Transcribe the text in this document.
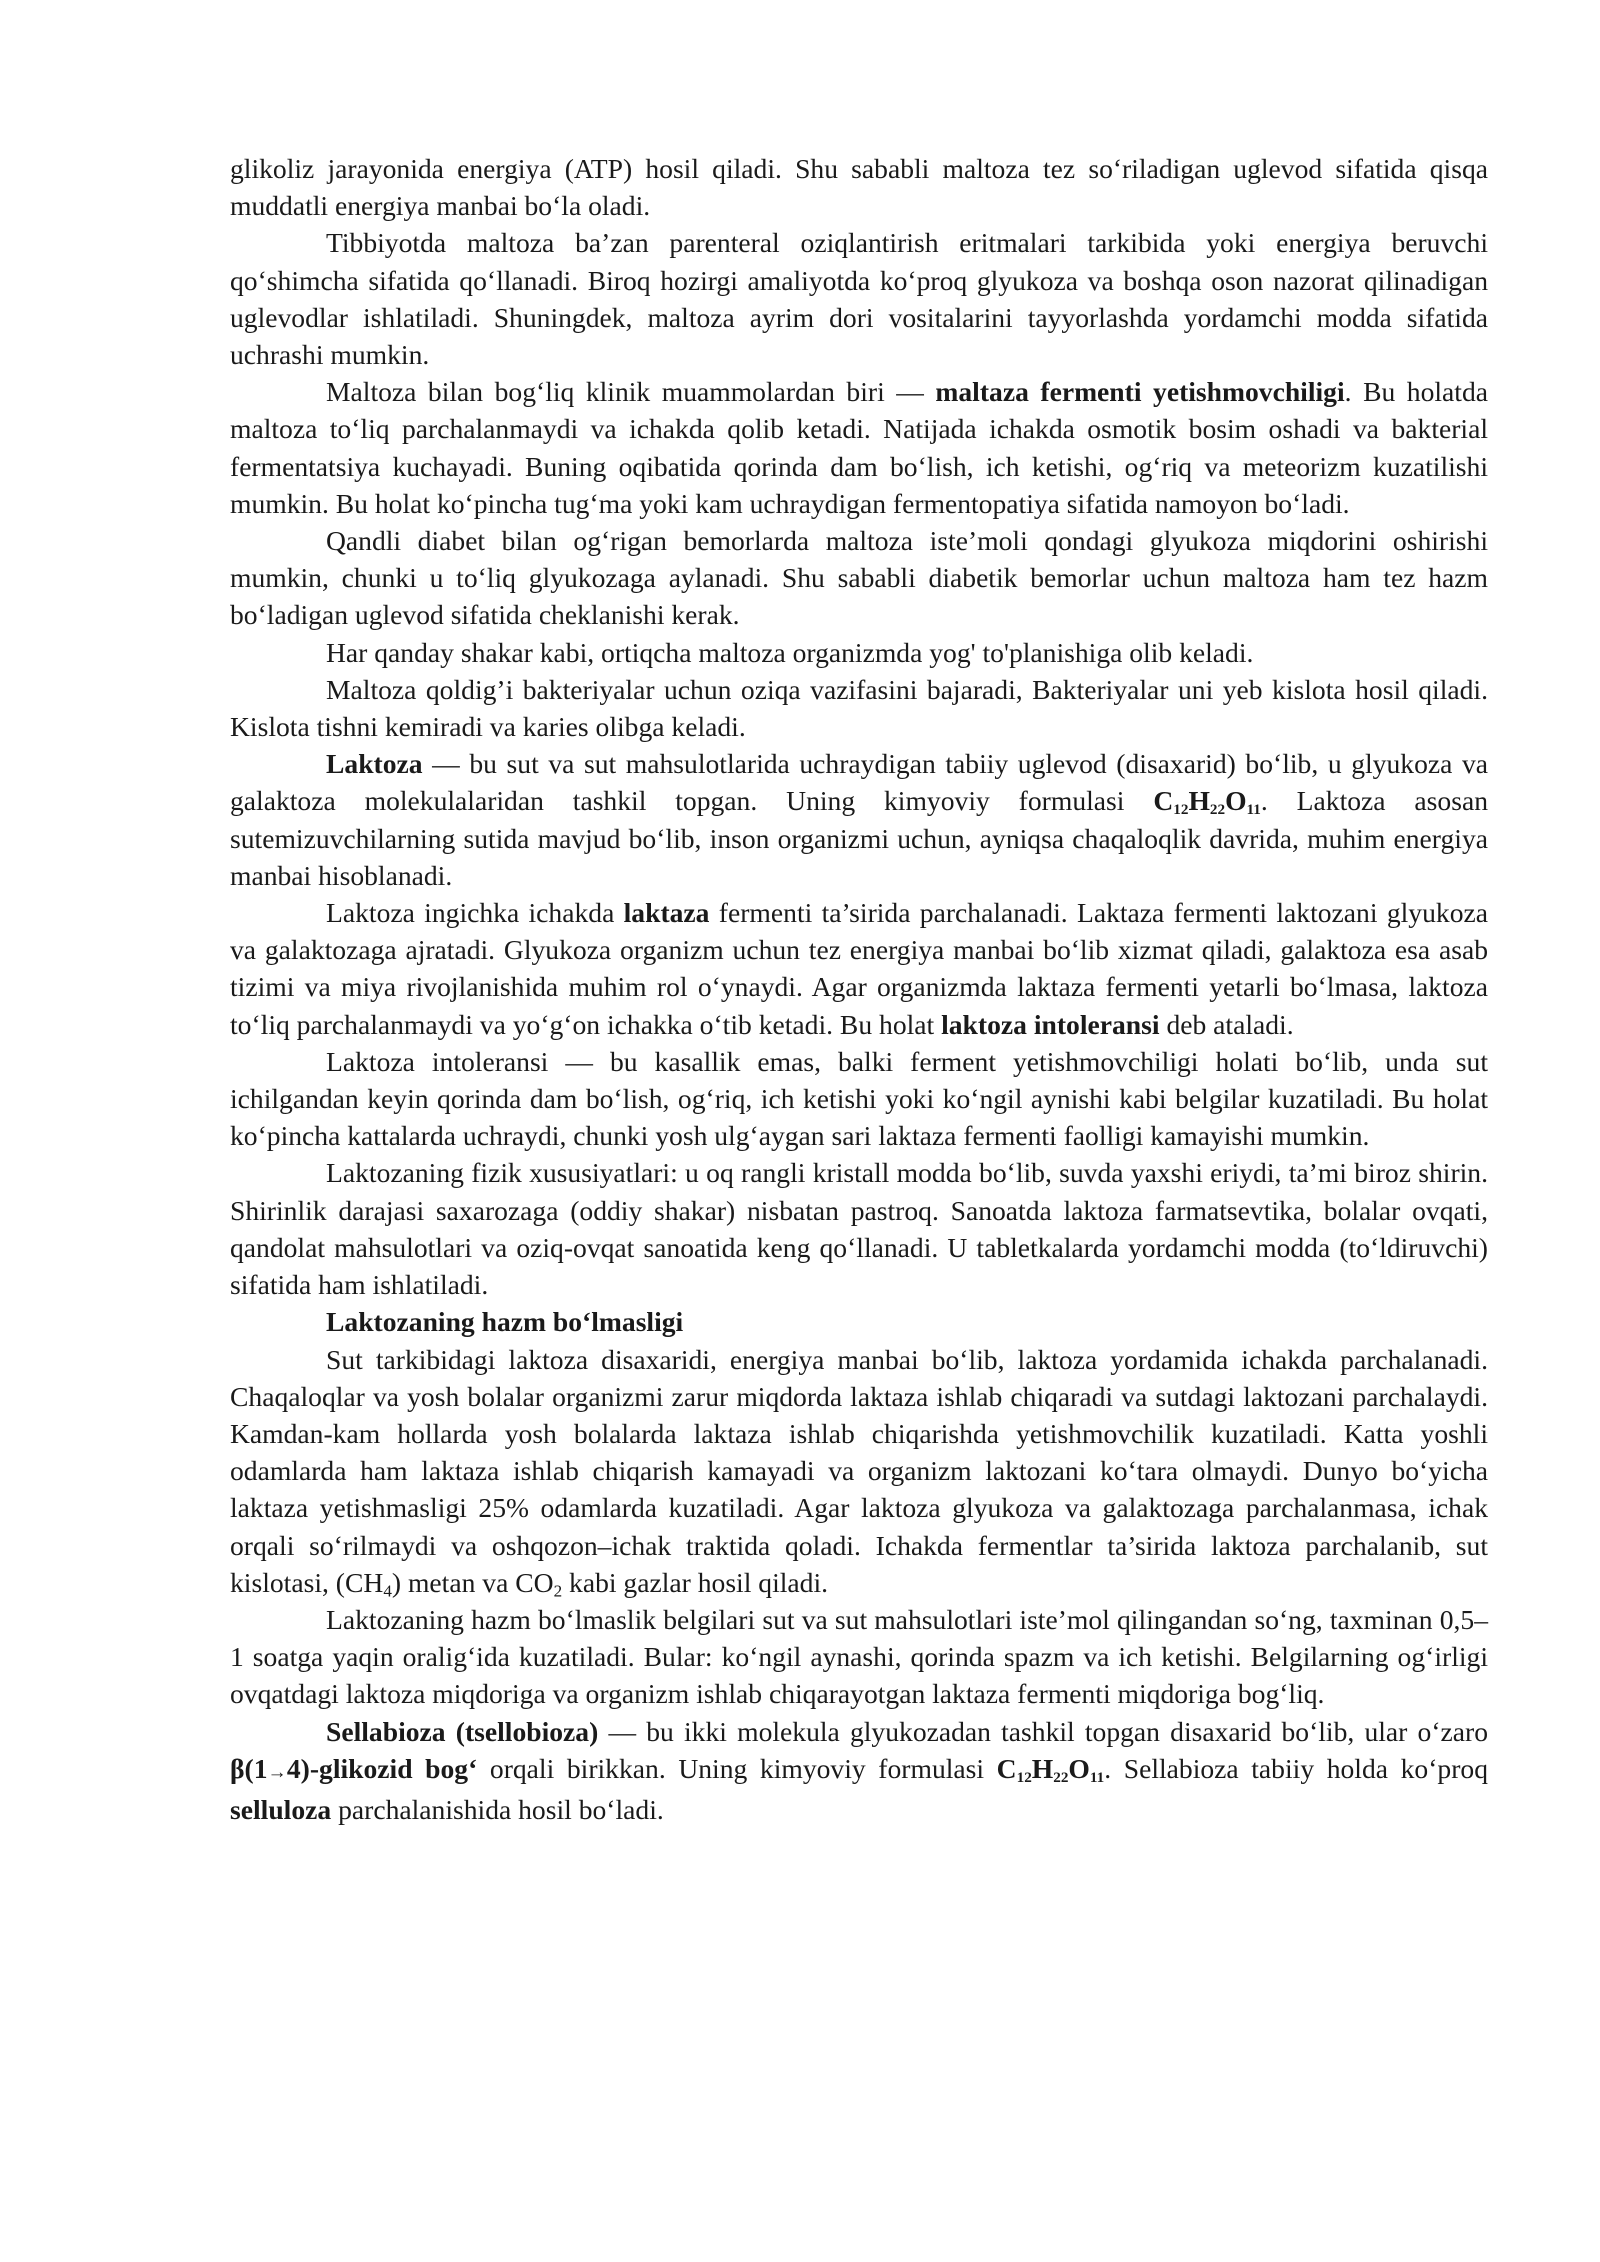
glikoliz jarayonida energiya (ATP) hosil qiladi. Shu sababli maltoza tez so‘riladigan uglevod sifatida qisqa muddatli energiya manbai bo‘la oladi.

Tibbiyotda maltoza ba’zan parenteral oziqlantirish eritmalari tarkibida yoki energiya beruvchi qo‘shimcha sifatida qo‘llanadi. Biroq hozirgi amaliyotda ko‘proq glyukoza va boshqa oson nazorat qilinadigan uglevodlar ishlatiladi. Shuningdek, maltoza ayrim dori vositalarini tayyorlashda yordamchi modda sifatida uchrashi mumkin.

Maltoza bilan bog‘liq klinik muammolardan biri — maltaza fermenti yetishmovchiligi. Bu holatda maltoza to‘liq parchalanmaydi va ichakda qolib ketadi. Natijada ichakda osmotik bosim oshadi va bakterial fermentatsiya kuchayadi. Buning oqibatida qorinda dam bo‘lish, ich ketishi, og‘riq va meteorizm kuzatilishi mumkin. Bu holat ko‘pincha tug‘ma yoki kam uchraydigan fermentopatiya sifatida namoyon bo‘ladi.

Qandli diabet bilan og‘rigan bemorlarda maltoza iste’moli qondagi glyukoza miqdorini oshirishi mumkin, chunki u to‘liq glyukozaga aylanadi. Shu sababli diabetik bemorlar uchun maltoza ham tez hazm bo‘ladigan uglevod sifatida cheklanishi kerak.

Har qanday shakar kabi, ortiqcha maltoza organizmda yog' to'planishiga olib keladi.

Maltoza qoldig’i bakteriyalar uchun oziqa vazifasini bajaradi, Bakteriyalar uni yeb kislota hosil qiladi. Kislota tishni kemiradi va karies olibga keladi.

Laktoza — bu sut va sut mahsulotlarida uchraydigan tabiiy uglevod (disaxarid) bo‘lib, u glyukoza va galaktoza molekulalaridan tashkil topgan. Uning kimyoviy formulasi $C_{12}H_{22}O_{11}$. Laktoza asosan sutemizuvchilarning sutida mavjud bo‘lib, inson organizmi uchun, ayniqsa chaqaloqlik davrida, muhim energiya manbai hisoblanadi.

Laktoza ingichka ichakda laktaza fermenti ta’sirida parchalanadi. Laktaza fermenti laktozani glyukoza va galaktozaga ajratadi. Glyukoza organizm uchun tez energiya manbai bo‘lib xizmat qiladi, galaktoza esa asab tizimi va miya rivojlanishida muhim rol o‘ynaydi. Agar organizmda laktaza fermenti yetarli bo‘lmasa, laktoza to‘liq parchalanmaydi va yo‘g‘on ichakka o‘tib ketadi. Bu holat laktoza intoleransi deb ataladi.

Laktoza intoleransi — bu kasallik emas, balki ferment yetishmovchiligi holati bo‘lib, unda sut ichilgandan keyin qorinda dam bo‘lish, og‘riq, ich ketishi yoki ko‘ngil aynishi kabi belgilar kuzatiladi. Bu holat ko‘pincha kattalarda uchraydi, chunki yosh ulg‘aygan sari laktaza fermenti faolligi kamayishi mumkin.

Laktozaning fizik xususiyatlari: u oq rangli kristall modda bo‘lib, suvda yaxshi eriydi, ta’mi biroz shirin. Shirinlik darajasi saxarozaga (oddiy shakar) nisbatan pastroq. Sanoatda laktoza farmatsevtika, bolalar ovqati, qandolat mahsulotlari va oziq-ovqat sanoatida keng qo‘llanadi. U tabletkalarda yordamchi modda (to‘ldiruvchi) sifatida ham ishlatiladi.

Laktozaning hazm bo‘lmasligi

Sut tarkibidagi laktoza disaxaridi, energiya manbai bo‘lib, laktoza yordamida ichakda parchalanadi. Chaqaloqlar va yosh bolalar organizmi zarur miqdorda laktaza ishlab chiqaradi va sutdagi laktozani parchalaydi. Kamdan-kam hollarda yosh bolalarda laktaza ishlab chiqarishda yetishmovchilik kuzatiladi. Katta yoshli odamlarda ham laktaza ishlab chiqarish kamayadi va organizm laktozani ko‘tara olmaydi. Dunyo bo‘yicha laktaza yetishmasligi 25% odamlarda kuzatiladi. Agar laktoza glyukoza va galaktozaga parchalanmasa, ichak orqali so‘rilmaydi va oshqozon–ichak traktida qoladi. Ichakda fermentlar ta’sirida laktoza parchalanib, sut kislotasi, $(CH_4)$ metan va $CO_2$ kabi gazlar hosil qiladi.

Laktozaning hazm bo‘lmaslik belgilari sut va sut mahsulotlari iste’mol qilingandan so‘ng, taxminan 0,5–1 soatga yaqin oralig‘ida kuzatiladi. Bular: ko‘ngil aynashi, qorinda spazm va ich ketishi. Belgilarning og‘irligi ovqatdagi laktoza miqdoriga va organizm ishlab chiqarayotgan laktaza fermenti miqdoriga bog‘liq.

Sellabioza (tsellobioza) — bu ikki molekula glyukozadan tashkil topgan disaxarid bo‘lib, ular o‘zaro β(1→4)-glikozid bog‘ orqali birikkan. Uning kimyoviy formulasi $C_{12}H_{22}O_{11}$. Sellabioza tabiiy holda ko‘proq selluloza parchalanishida hosil bo‘ladi.
